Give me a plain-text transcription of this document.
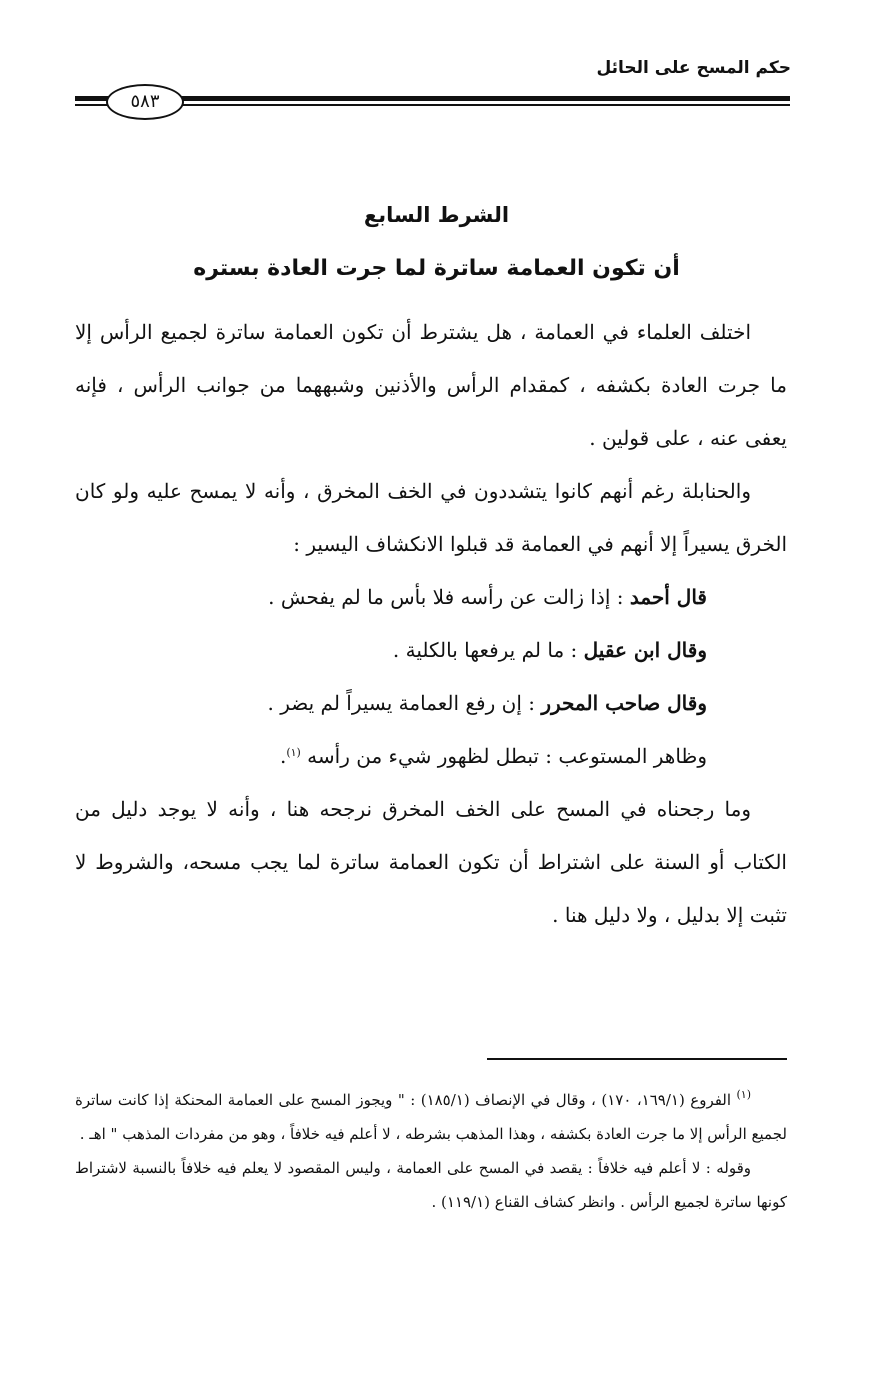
حكم المسح على الحائل
٥٨٣
الشرط السابع
أن تكون العمامة ساترة لما جرت العادة بستره

اختلف العلماء في العمامة ، هل يشترط أن تكون العمامة ساترة لجميع الرأس إلا ما جرت العادة بكشفه ، كمقدام الرأس والأذنين وشبههما من جوانب الرأس ، فإنه يعفى عنه ، على قولين .

والحنابلة رغم أنهم كانوا يتشددون في الخف المخرق ، وأنه لا يمسح عليه ولو كان الخرق يسيراً إلا أنهم في العمامة قد قبلوا الانكشاف اليسير :

قال أحمد : إذا زالت عن رأسه فلا بأس ما لم يفحش .

وقال ابن عقيل : ما لم يرفعها بالكلية .

وقال صاحب المحرر : إن رفع العمامة يسيراً لم يضر .

وظاهر المستوعب : تبطل لظهور شيء من رأسه $^{(١)}$.

وما رجحناه في المسح على الخف المخرق نرجحه هنا ، وأنه لا يوجد دليل من الكتاب أو السنة على اشتراط أن تكون العمامة ساترة لما يجب مسحه، والشروط لا تثبت إلا بدليل ، ولا دليل هنا .

$^{(١)}$ الفروع (١٦٩/١، ١٧٠) ، وقال في الإنصاف (١٨٥/١) : " ويجوز المسح على العمامة المحنكة إذا كانت ساترة لجميع الرأس إلا ما جرت العادة بكشفه ، وهذا المذهب بشرطه ، لا أعلم فيه خلافاً ، وهو من مفردات المذهب " اهـ .

وقوله : لا أعلم فيه خلافاً : يقصد في المسح على العمامة ، وليس المقصود لا يعلم فيه خلافاً بالنسبة لاشتراط كونها ساترة لجميع الرأس . وانظر كشاف القناع (١١٩/١) .
